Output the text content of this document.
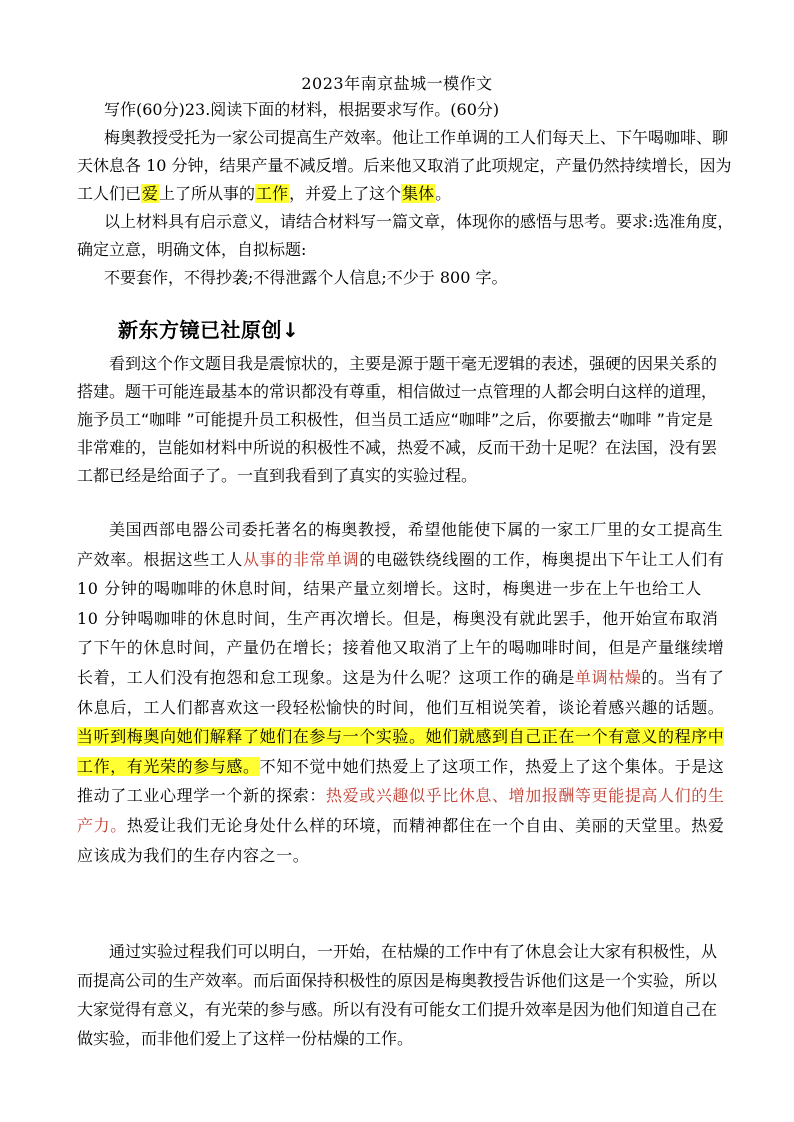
2023年南京盐城一模作文

写作(60分)23.阅读下面的材料，根据要求写作。(60分)

梅奥教授受托为一家公司提高生产效率。他让工作单调的工人们每天上、下午喝咖啡、聊天休息各 10 分钟，结果产量不减反增。后来他又取消了此项规定，产量仍然持续增长，因为工人们已爱上了所从事的工作，并爱上了这个集体。

以上材料具有启示意义，请结合材料写一篇文章，体现你的感悟与思考。要求:选准角度，确定立意，明确文体，自拟标题:

不要套作，不得抄袭;不得泄露个人信息;不少于 800 字。

新东方镜已社原创↓

看到这个作文题目我是震惊状的，主要是源于题干毫无逻辑的表述，强硬的因果关系的搭建。题干可能连最基本的常识都没有尊重，相信做过一点管理的人都会明白这样的道理，施予员工“咖啡 ”可能提升员工积极性，但当员工适应“咖啡”之后，你要撤去“咖啡 ”肯定是非常难的，岂能如材料中所说的积极性不减，热爱不减，反而干劲十足呢？在法国，没有罢工都已经是给面子了。一直到我看到了真实的实验过程。

美国西部电器公司委托著名的梅奥教授，希望他能使下属的一家工厂里的女工提高生产效率。根据这些工人从事的非常单调的电磁铁绕线圈的工作，梅奥提出下午让工人们有 10 分钟的喝咖啡的休息时间，结果产量立刻增长。这时，梅奥进一步在上午也给工人 10 分钟喝咖啡的休息时间，生产再次增长。但是，梅奥没有就此罢手，他开始宣布取消了下午的休息时间，产量仍在增长；接着他又取消了上午的喝咖啡时间，但是产量继续增长着，工人们没有抱怨和怠工现象。这是为什么呢？这项工作的确是单调枯燥的。当有了休息后，工人们都喜欢这一段轻松愉快的时间，他们互相说笑着，谈论着感兴趣的话题。当听到梅奥向她们解释了她们在参与一个实验。她们就感到自己正在一个有意义的程序中工作，有光荣的参与感。不知不觉中她们热爱上了这项工作，热爱上了这个集体。于是这推动了工业心理学一个新的探索：热爱或兴趣似乎比休息、增加报酬等更能提高人们的生产力。热爱让我们无论身处什么样的环境，而精神都住在一个自由、美丽的天堂里。热爱应该成为我们的生存内容之一。

通过实验过程我们可以明白，一开始，在枯燥的工作中有了休息会让大家有积极性，从而提高公司的生产效率。而后面保持积极性的原因是梅奥教授告诉他们这是一个实验，所以大家觉得有意义，有光荣的参与感。所以有没有可能女工们提升效率是因为他们知道自己在做实验，而非他们爱上了这样一份枯燥的工作。
